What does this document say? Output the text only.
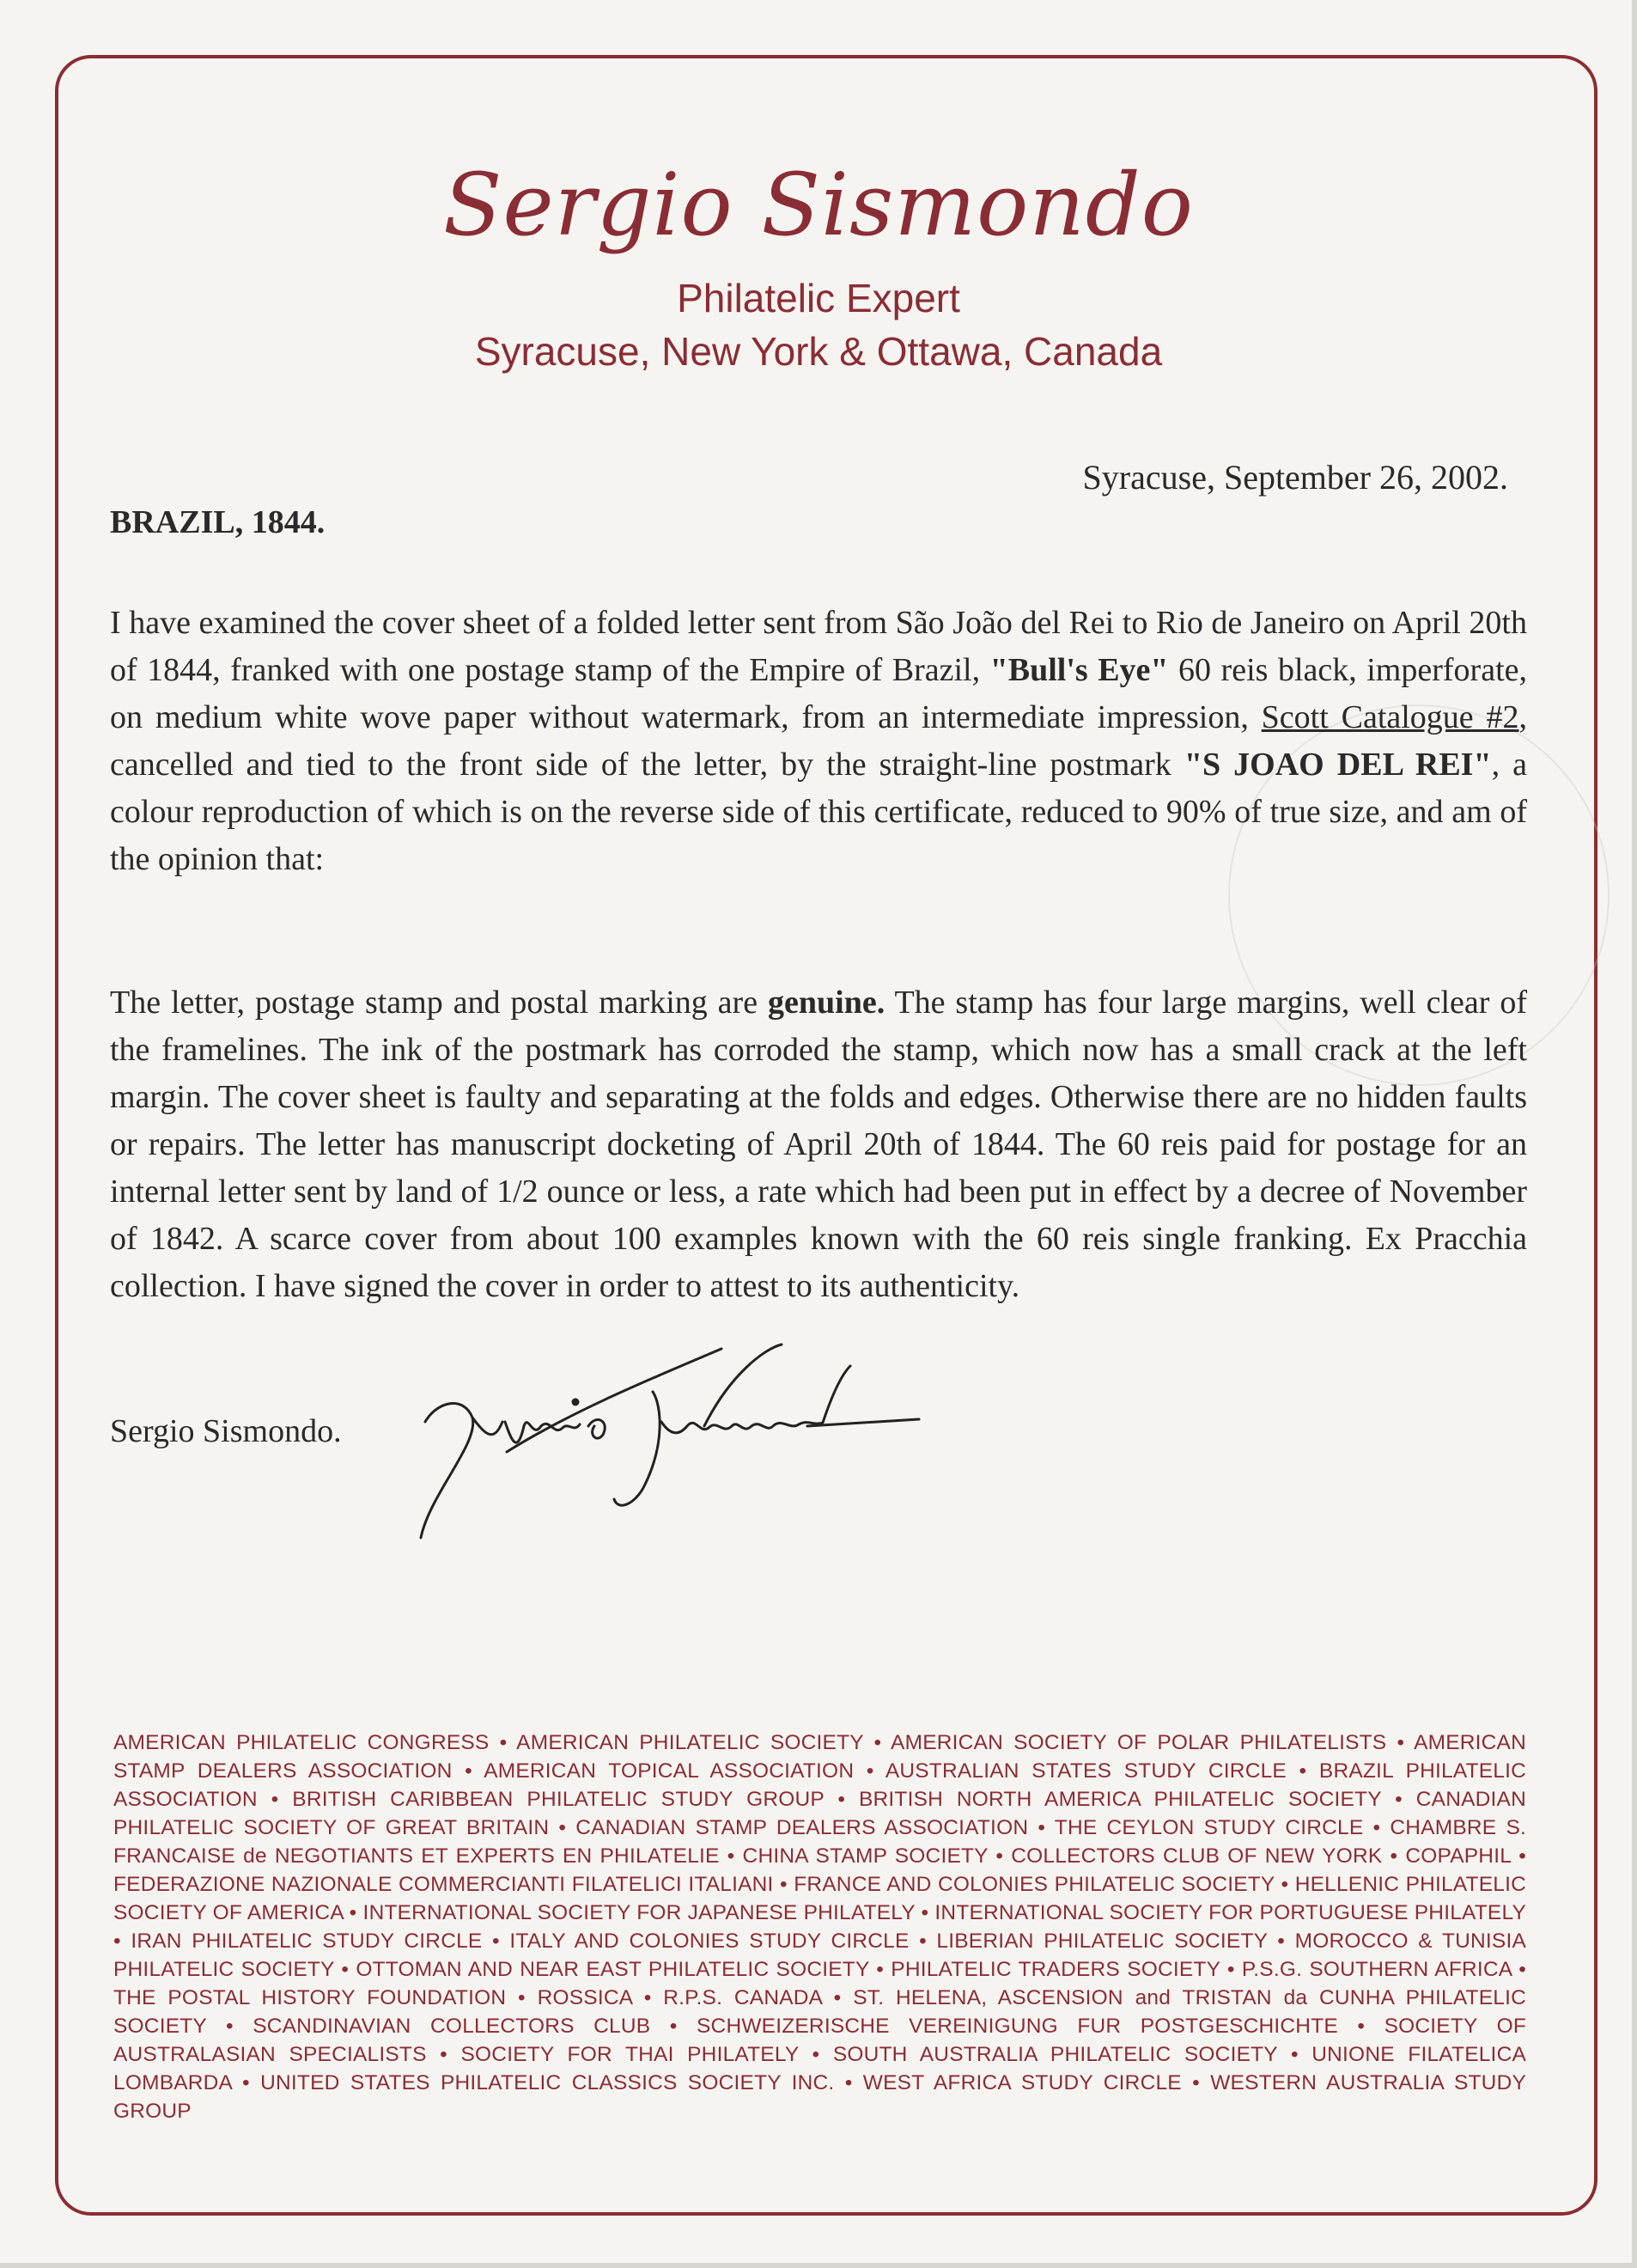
Sergio Sismondo
Philatelic Expert
Syracuse, New York & Ottawa, Canada
Syracuse, September 26, 2002.
BRAZIL, 1844.
I have examined the cover sheet of a folded letter sent from São João del Rei to Rio de Janeiro on April 20th of 1844, franked with one postage stamp of the Empire of Brazil, "Bull's Eye" 60 reis black, imperforate, on medium white wove paper without watermark, from an intermediate impression, Scott Catalogue #2, cancelled and tied to the front side of the letter, by the straight-line postmark "S JOAO DEL REI", a colour reproduction of which is on the reverse side of this certificate, reduced to 90% of true size, and am of the opinion that:
The letter, postage stamp and postal marking are genuine. The stamp has four large margins, well clear of the framelines. The ink of the postmark has corroded the stamp, which now has a small crack at the left margin. The cover sheet is faulty and separating at the folds and edges. Otherwise there are no hidden faults or repairs. The letter has manuscript docketing of April 20th of 1844. The 60 reis paid for postage for an internal letter sent by land of 1/2 ounce or less, a rate which had been put in effect by a decree of November of 1842. A scarce cover from about 100 examples known with the 60 reis single franking. Ex Pracchia collection. I have signed the cover in order to attest to its authenticity.
Sergio Sismondo.
AMERICAN PHILATELIC CONGRESS • AMERICAN PHILATELIC SOCIETY • AMERICAN SOCIETY OF POLAR PHILATELISTS • AMERICAN STAMP DEALERS ASSOCIATION • AMERICAN TOPICAL ASSOCIATION • AUSTRALIAN STATES STUDY CIRCLE • BRAZIL PHILATELIC ASSOCIATION • BRITISH CARIBBEAN PHILATELIC STUDY GROUP • BRITISH NORTH AMERICA PHILATELIC SOCIETY • CANADIAN PHILATELIC SOCIETY OF GREAT BRITAIN • CANADIAN STAMP DEALERS ASSOCIATION • THE CEYLON STUDY CIRCLE • CHAMBRE S. FRANCAISE de NEGOTIANTS ET EXPERTS EN PHILATELIE • CHINA STAMP SOCIETY • COLLECTORS CLUB OF NEW YORK • COPAPHIL • FEDERAZIONE NAZIONALE COMMERCIANTI FILATELICI ITALIANI • FRANCE AND COLONIES PHILATELIC SOCIETY • HELLENIC PHILATELIC SOCIETY OF AMERICA • INTERNATIONAL SOCIETY FOR JAPANESE PHILATELY • INTERNATIONAL SOCIETY FOR PORTUGUESE PHILATELY • IRAN PHILATELIC STUDY CIRCLE • ITALY AND COLONIES STUDY CIRCLE • LIBERIAN PHILATELIC SOCIETY • MOROCCO & TUNISIA PHILATELIC SOCIETY • OTTOMAN AND NEAR EAST PHILATELIC SOCIETY • PHILATELIC TRADERS SOCIETY • P.S.G. SOUTHERN AFRICA • THE POSTAL HISTORY FOUNDATION • ROSSICA • R.P.S. CANADA • ST. HELENA, ASCENSION and TRISTAN da CUNHA PHILATELIC SOCIETY • SCANDINAVIAN COLLECTORS CLUB • SCHWEIZERISCHE VEREINIGUNG FUR POSTGESCHICHTE • SOCIETY OF AUSTRALASIAN SPECIALISTS • SOCIETY FOR THAI PHILATELY • SOUTH AUSTRALIA PHILATELIC SOCIETY • UNIONE FILATELICA LOMBARDA • UNITED STATES PHILATELIC CLASSICS SOCIETY INC. • WEST AFRICA STUDY CIRCLE • WESTERN AUSTRALIA STUDY GROUP
